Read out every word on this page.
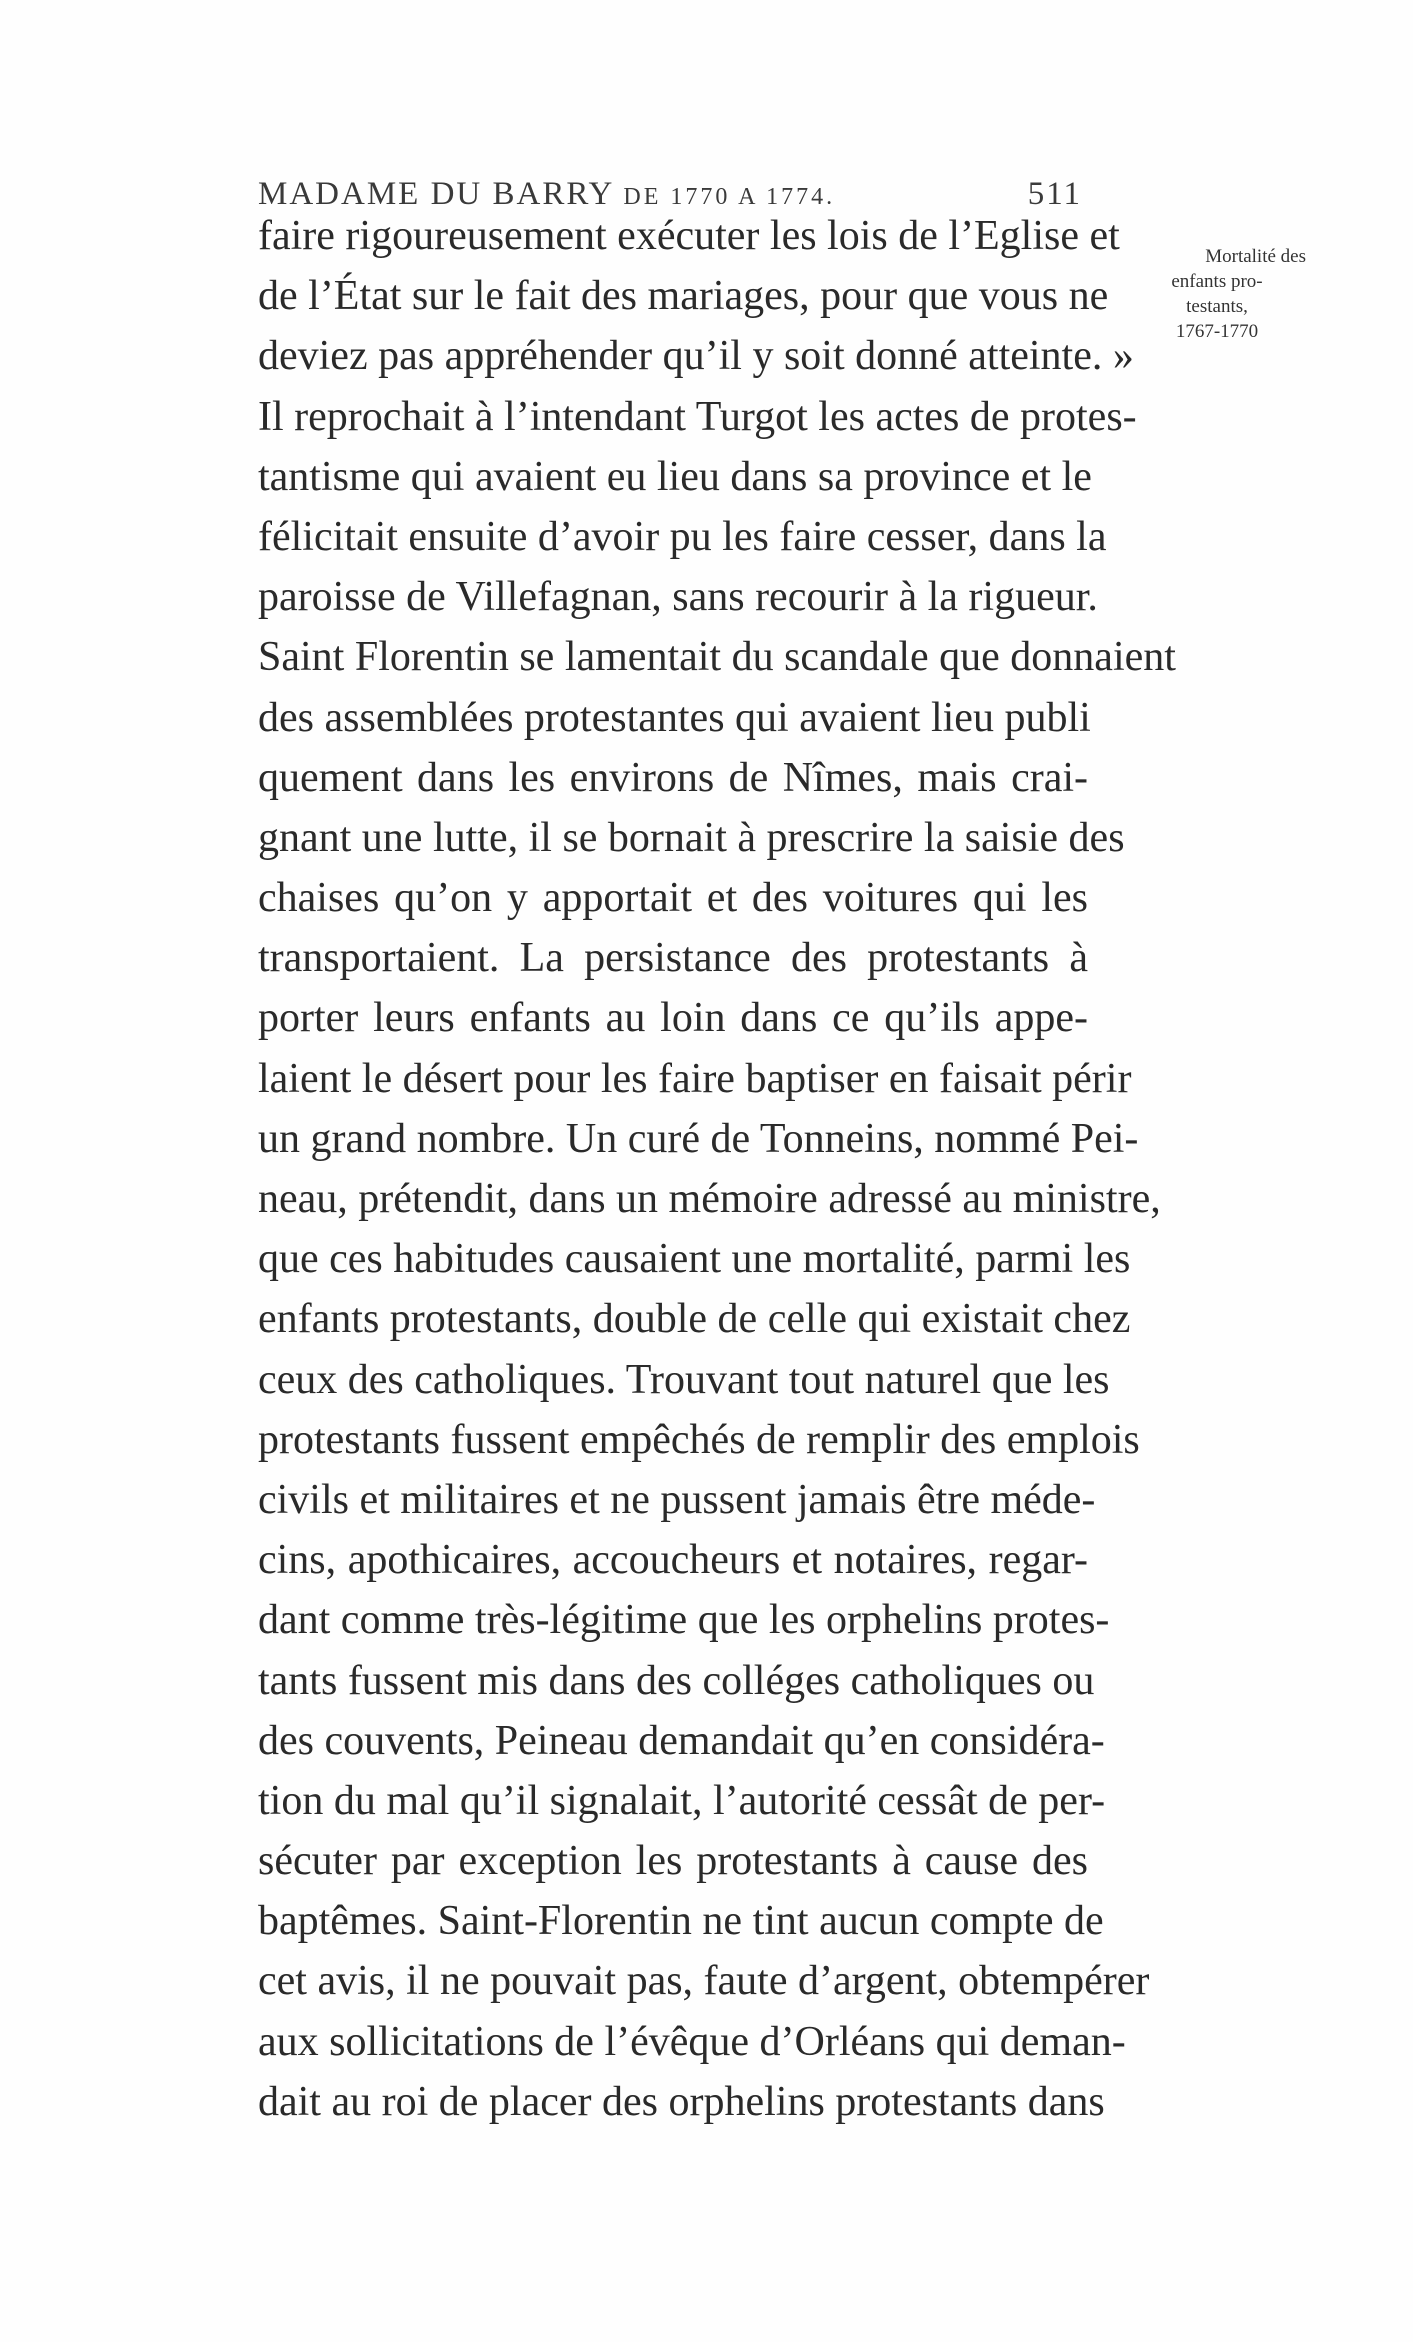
MADAME DU BARRY DE 1770 A 1774.	511
Mortalité des
enfants pro-
testants,
1767-1770
faire rigoureusement exécuter les lois de l’Eglise et
de l’État sur le fait des mariages, pour que vous ne
deviez pas appréhender qu’il y soit donné atteinte. »
Il reprochait à l’intendant Turgot les actes de protes-
tantisme qui avaient eu lieu dans sa province et le
félicitait ensuite d’avoir pu les faire cesser, dans la
paroisse de Villefagnan, sans recourir à la rigueur.
Saint Florentin se lamentait du scandale que donnaient
des assemblées protestantes qui avaient lieu publi
quement dans les environs de Nîmes, mais crai-
gnant une lutte, il se bornait à prescrire la saisie des
chaises qu’on y apportait et des voitures qui les
transportaient. La persistance des protestants à
porter leurs enfants au loin dans ce qu’ils appe-
laient le désert pour les faire baptiser en faisait périr
un grand nombre. Un curé de Tonneins, nommé Pei-
neau, prétendit, dans un mémoire adressé au ministre,
que ces habitudes causaient une mortalité, parmi les
enfants protestants, double de celle qui existait chez
ceux des catholiques. Trouvant tout naturel que les
protestants fussent empêchés de remplir des emplois
civils et militaires et ne pussent jamais être méde-
cins, apothicaires, accoucheurs et notaires, regar-
dant comme très-légitime que les orphelins protes-
tants fussent mis dans des colléges catholiques ou
des couvents, Peineau demandait qu’en considéra-
tion du mal qu’il signalait, l’autorité cessât de per-
sécuter par exception les protestants à cause des
baptêmes. Saint-Florentin ne tint aucun compte de
cet avis, il ne pouvait pas, faute d’argent, obtempérer
aux sollicitations de l’évêque d’Orléans qui deman-
dait au roi de placer des orphelins protestants dans
